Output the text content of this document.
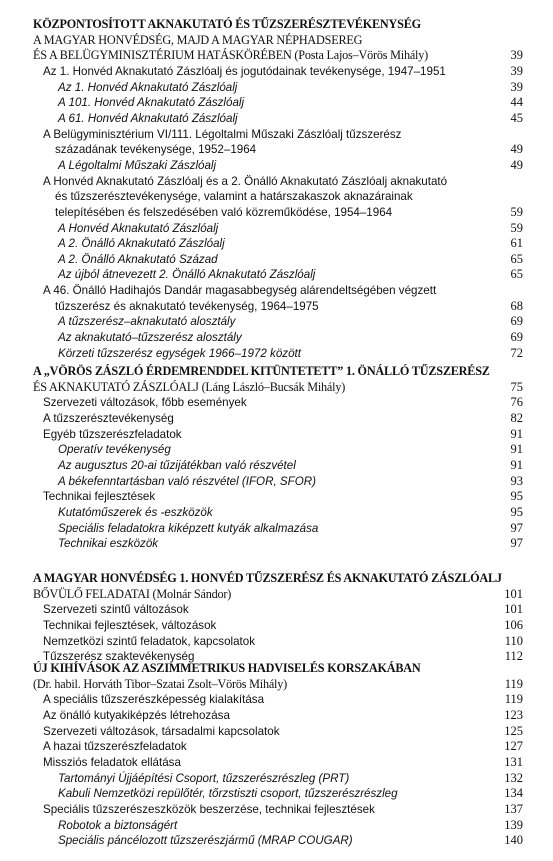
KÖZPONTOSÍTOTT AKNAKUTATÓ ÉS TŰZSZERÉSZTEVÉKENYSÉG
A MAGYAR HONVÉDSÉG, MAJD A MAGYAR NÉPHADSEREG
ÉS A BELÜGYMINISZTÉRIUM HATÁSKÖRÉBEN (Posta Lajos–Vörös Mihály)	39
Az 1. Honvéd Aknakutató Zászlóalj és jogutódainak tevékenysége, 1947–1951	39
Az 1. Honvéd Aknakutató Zászlóalj	39
A 101. Honvéd Aknakutató Zászlóalj	44
A 61. Honvéd Aknakutató Zászlóalj	45
A Belügyminisztérium VI/111. Légoltalmi Műszaki Zászlóalj tűzszerész
századának tevékenysége, 1952–1964	49
A Légoltalmi Műszaki Zászlóalj	49
A Honvéd Aknakutató Zászlóalj és a 2. Önálló Aknakutató Zászlóalj aknakutató
és tűzszerésztevékenysége, valamint a határszakaszok aknazárainak
telepítésében és felszedésében való közreműködése, 1954–1964	59
A Honvéd Aknakutató Zászlóalj	59
A 2. Önálló Aknakutató Zászlóalj	61
A 2. Önálló Aknakutató Század	65
Az újból átnevezett 2. Önálló Aknakutató Zászlóalj	65
A 46. Önálló Hadihajós Dandár magasabbegység alárendeltségében végzett
tűzszerész és aknakutató tevékenység, 1964–1975	68
A tűzszerész–aknakutató alosztály	69
Az aknakutató–tűzszerész alosztály	69
Körzeti tűzszerész egységek 1966–1972 között	72
A „VÖRÖS ZÁSZLÓ ÉRDEMRENDDEL KITÜNTETETT” 1. ÖNÁLLÓ TŰZSZERÉSZ
ÉS AKNAKUTATÓ ZÁSZLÓALJ (Láng László–Bucsák Mihály)	75
Szervezeti változások, főbb események	76
A tűzszerésztevékenység	82
Egyéb tűzszerészfeladatok	91
Operatív tevékenység	91
Az augusztus 20-ai tűzijátékban való részvétel	91
A békefenntartásban való részvétel (IFOR, SFOR)	93
Technikai fejlesztések	95
Kutatóműszerek és -eszközök	95
Speciális feladatokra kiképzett kutyák alkalmazása	97
Technikai eszközök	97
A MAGYAR HONVÉDSÉG 1. HONVÉD TŰZSZERÉSZ ÉS AKNAKUTATÓ ZÁSZLÓALJ
BŐVÜLŐ FELADATAI (Molnár Sándor)	101
Szervezeti szintű változások	101
Technikai fejlesztések, változások	106
Nemzetközi szintű feladatok, kapcsolatok	110
Tűzszerész szaktevékenység	112
ÚJ KIHÍVÁSOK AZ ASZIMMETRIKUS HADVISELÉS KORSZAKÁBAN
(Dr. habil. Horváth Tibor–Szatai Zsolt–Vörös Mihály)	119
A speciális tűzszerészképesség kialakítása	119
Az önálló kutyakiképzés létrehozása	123
Szervezeti változások, társadalmi kapcsolatok	125
A hazai tűzszerészfeladatok	127
Missziós feladatok ellátása	131
Tartományi Újjáépítési Csoport, tűzszerészrészleg (PRT)	132
Kabuli Nemzetközi repülőtér, tőrzstiszti csoport, tűzszerészrészleg	134
Speciális tűzszerészeszközök beszerzése, technikai fejlesztések	137
Robotok a biztonságért	139
Speciális páncélozott tűzszerészjármű (MRAP COUGAR)	140
